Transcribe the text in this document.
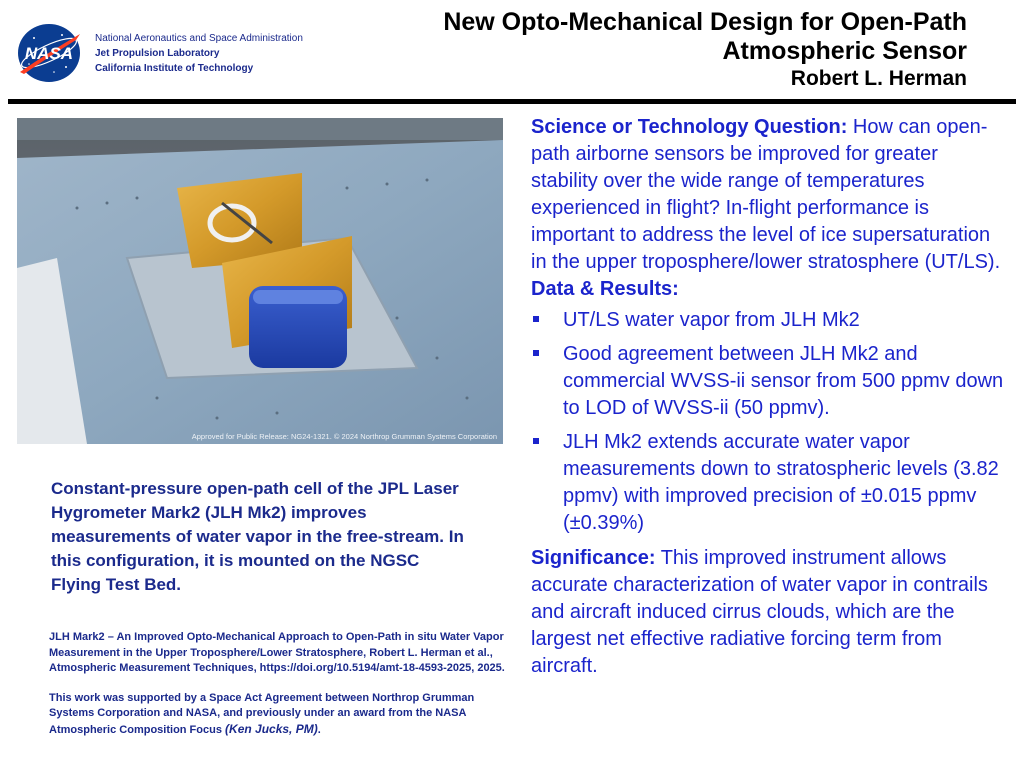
NASA
National Aeronautics and Space Administration
Jet Propulsion Laboratory
California Institute of Technology
New Opto-Mechanical Design for Open-Path
Atmospheric Sensor
Robert L. Herman
Approved for Public Release: NG24-1321. © 2024 Northrop Grumman Systems Corporation
Constant-pressure open-path cell of the JPL Laser Hygrometer Mark2 (JLH Mk2) improves measurements of water vapor in the free-stream. In this configuration, it is mounted on the NGSC Flying Test Bed.

JLH Mark2 – An Improved Opto-Mechanical Approach to Open-Path in situ Water Vapor Measurement in the Upper Troposphere/Lower Stratosphere, Robert L. Herman et al., Atmospheric Measurement Techniques, https://doi.org/10.5194/amt-18-4593-2025, 2025.

This work was supported by a Space Act Agreement between Northrop Grumman Systems Corporation and NASA, and previously under an award from the NASA Atmospheric Composition Focus (Ken Jucks, PM).

Science or Technology Question: How can open-path airborne sensors be improved for greater stability over the wide range of temperatures experienced in flight? In-flight performance is important to address the level of ice supersaturation in the upper troposphere/lower stratosphere (UT/LS).

Data & Results:

UT/LS water vapor from JLH Mk2
Good agreement between JLH Mk2 and commercial WVSS-ii sensor from 500 ppmv down to LOD of WVSS-ii (50 ppmv).
JLH Mk2 extends accurate water vapor measurements down to stratospheric levels (3.82 ppmv) with improved precision of ±0.015 ppmv (±0.39%)

Significance: This improved instrument allows accurate characterization of water vapor in contrails and aircraft induced cirrus clouds, which are the largest net effective radiative forcing term from aircraft.
